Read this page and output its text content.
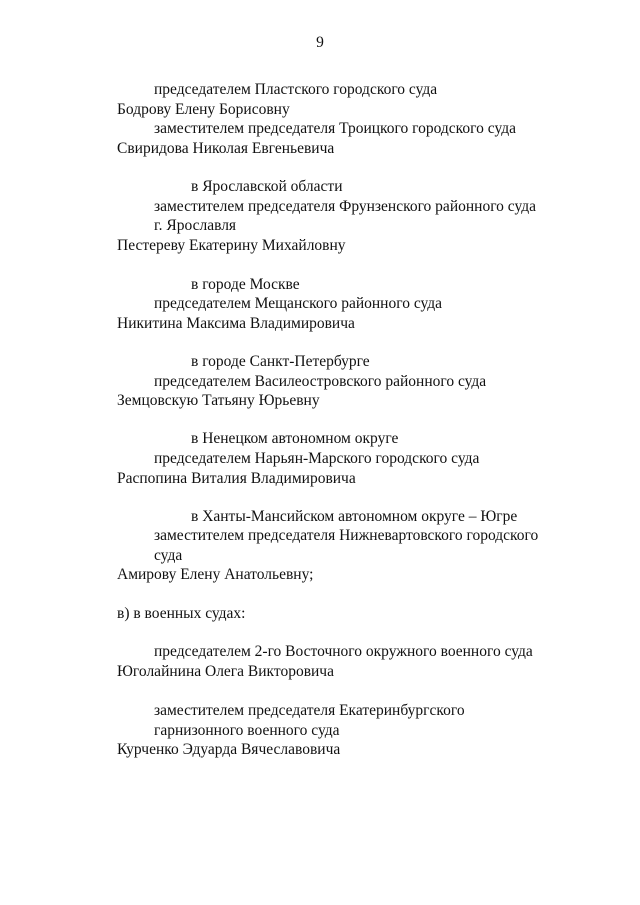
9
председателем Пластского городского суда
Бодрову Елену Борисовну
заместителем председателя Троицкого городского суда
Свиридова Николая Евгеньевича
в Ярославской области
заместителем председателя Фрунзенского районного суда
г. Ярославля
Пестереву Екатерину Михайловну
в городе Москве
председателем Мещанского районного суда
Никитина Максима Владимировича
в городе Санкт-Петербурге
председателем Василеостровского районного суда
Земцовскую Татьяну Юрьевну
в Ненецком автономном округе
председателем Нарьян-Марского городского суда
Распопина Виталия Владимировича
в Ханты-Мансийском автономном округе – Югре
заместителем председателя Нижневартовского городского
суда
Амирову Елену Анатольевну;
в) в военных судах:
председателем 2-го Восточного окружного военного суда
Юголайнина Олега Викторовича
заместителем председателя Екатеринбургского
гарнизонного военного суда
Курченко Эдуарда Вячеславовича
